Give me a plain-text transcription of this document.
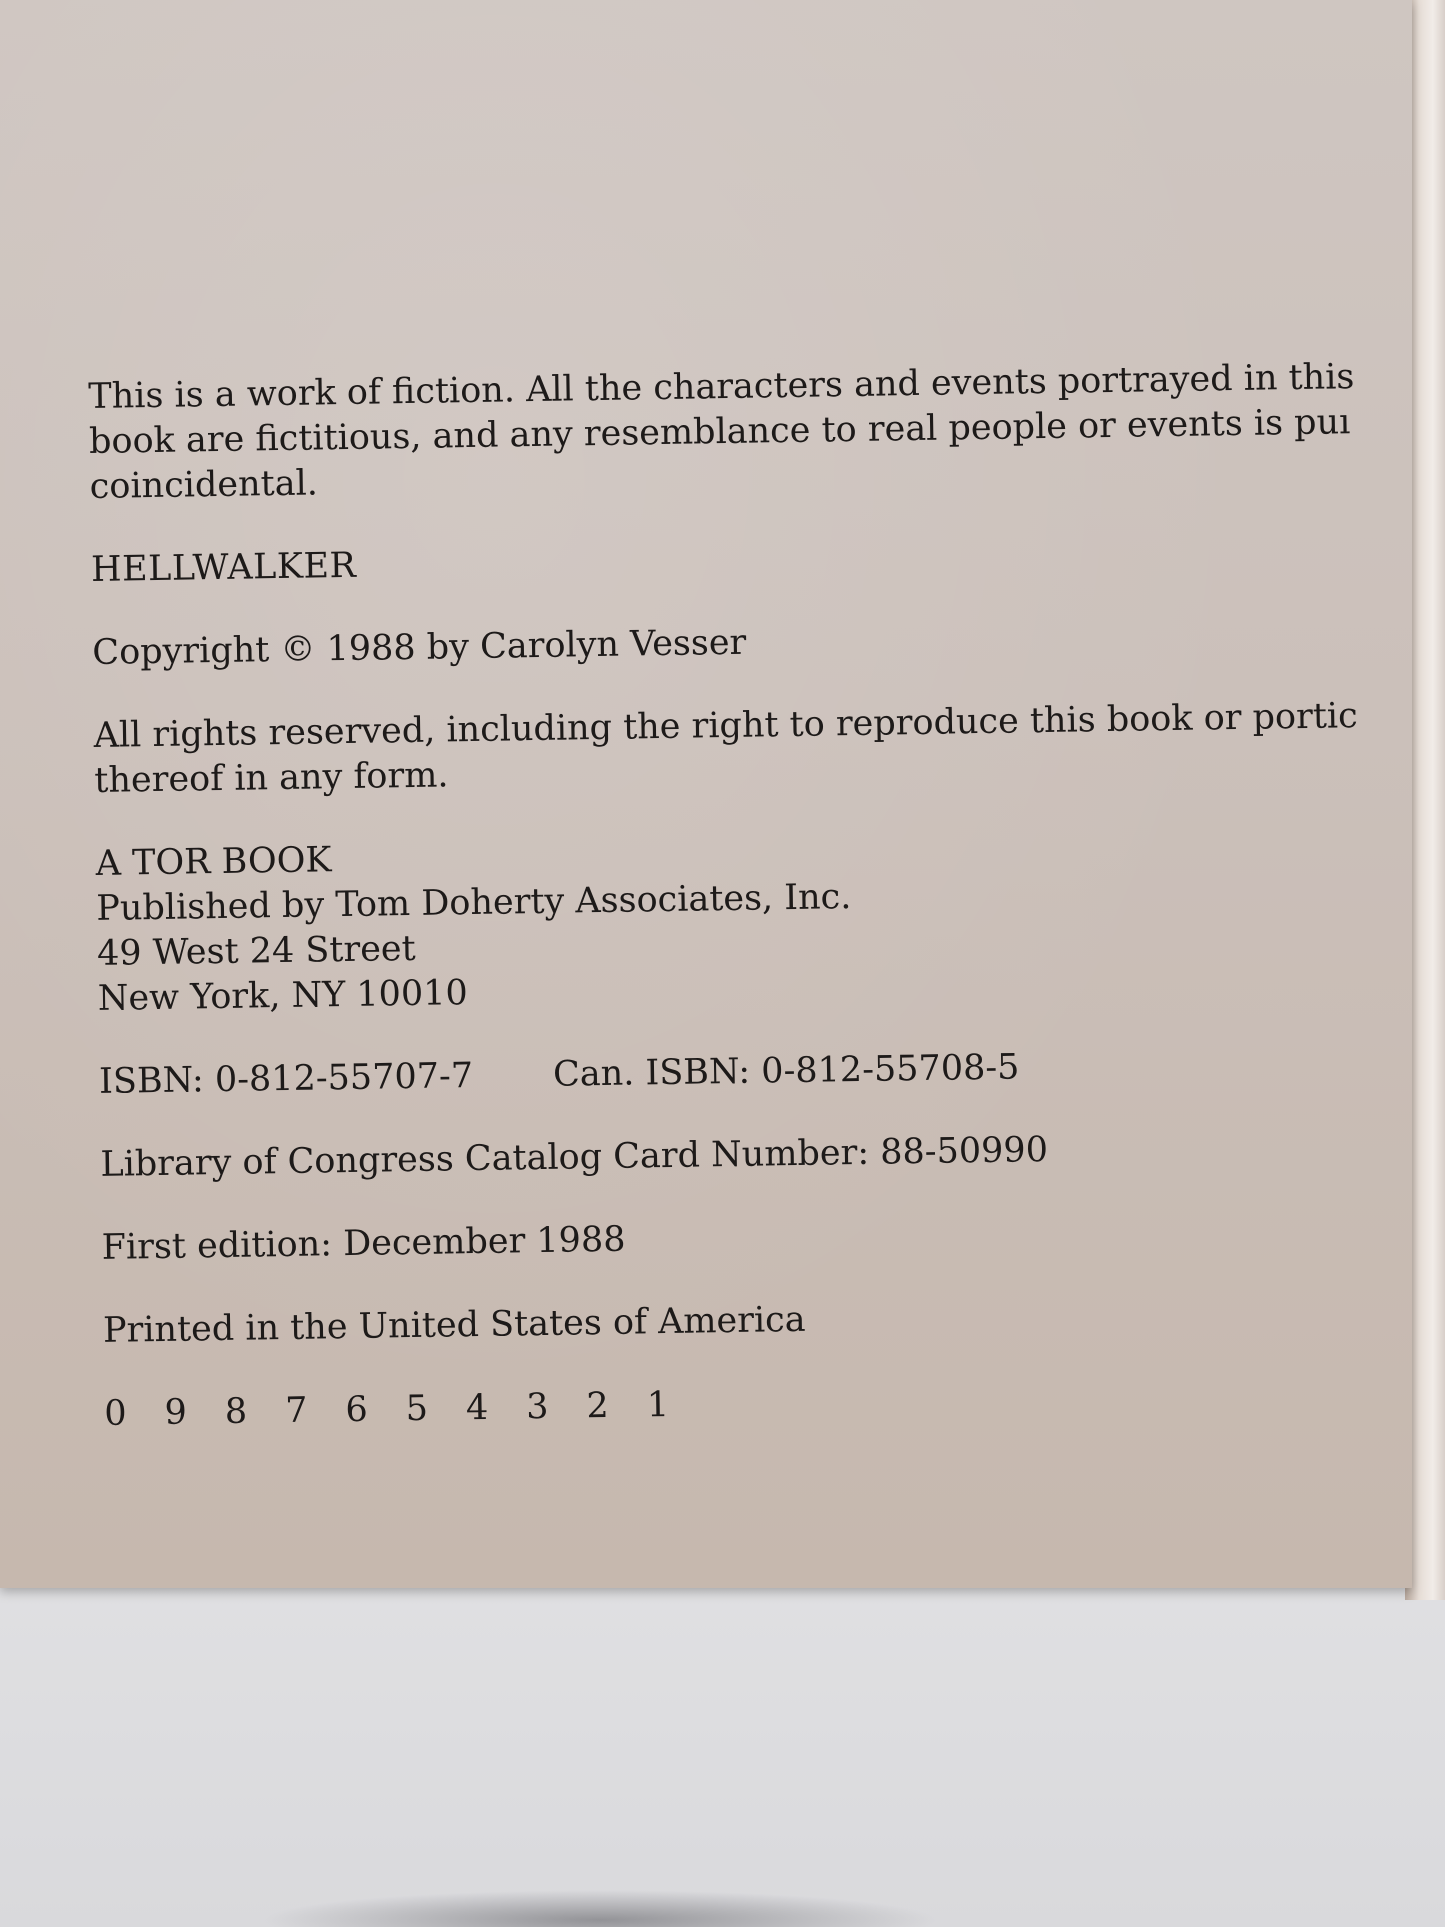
This is a work of fiction. All the characters and events portrayed in this
book are fictitious, and any resemblance to real people or events is puı
coincidental.
HELLWALKER
Copyright © 1988 by Carolyn Vesser
All rights reserved, including the right to reproduce this book or portic
thereof in any form.
A TOR BOOK
Published by Tom Doherty Associates, Inc.
49 West 24 Street
New York, NY 10010
ISBN: 0-812-55707-7 Can. ISBN: 0-812-55708-5
Library of Congress Catalog Card Number: 88-50990
First edition: December 1988
Printed in the United States of America
0 9 8 7 6 5 4 3 2 1
